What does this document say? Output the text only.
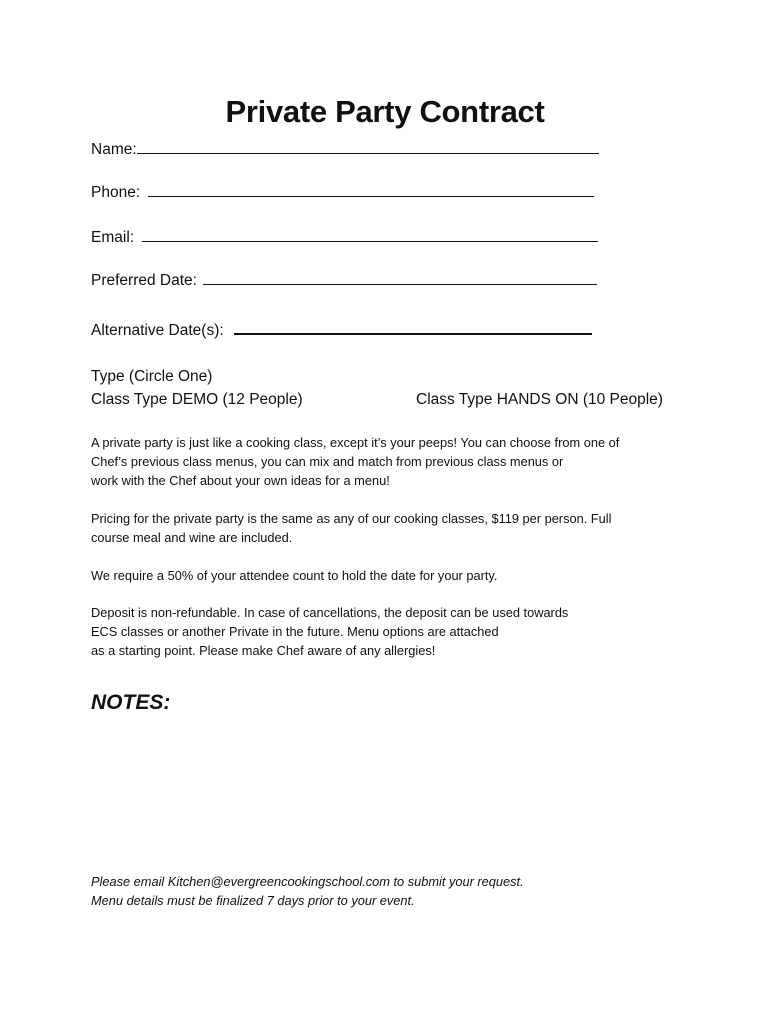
Private Party Contract
Name:
Phone:
Email:
Preferred Date:
Alternative Date(s):
Type (Circle One)
Class Type DEMO (12 People)	Class Type HANDS ON (10 People)

A private party is just like a cooking class, except it’s your peeps! You can choose from one of
Chef’s previous class menus, you can mix and match from previous class menus or
work with the Chef about your own ideas for a menu!

Pricing for the private party is the same as any of our cooking classes, $119 per person. Full
course meal and wine are included.

We require a 50% of your attendee count to hold the date for your party.

Deposit is non-refundable. In case of cancellations, the deposit can be used towards
ECS classes or another Private in the future. Menu options are attached
as a starting point. Please make Chef aware of any allergies!

NOTES:
Please email Kitchen@evergreencookingschool.com to submit your request.
Menu details must be finalized 7 days prior to your event.
